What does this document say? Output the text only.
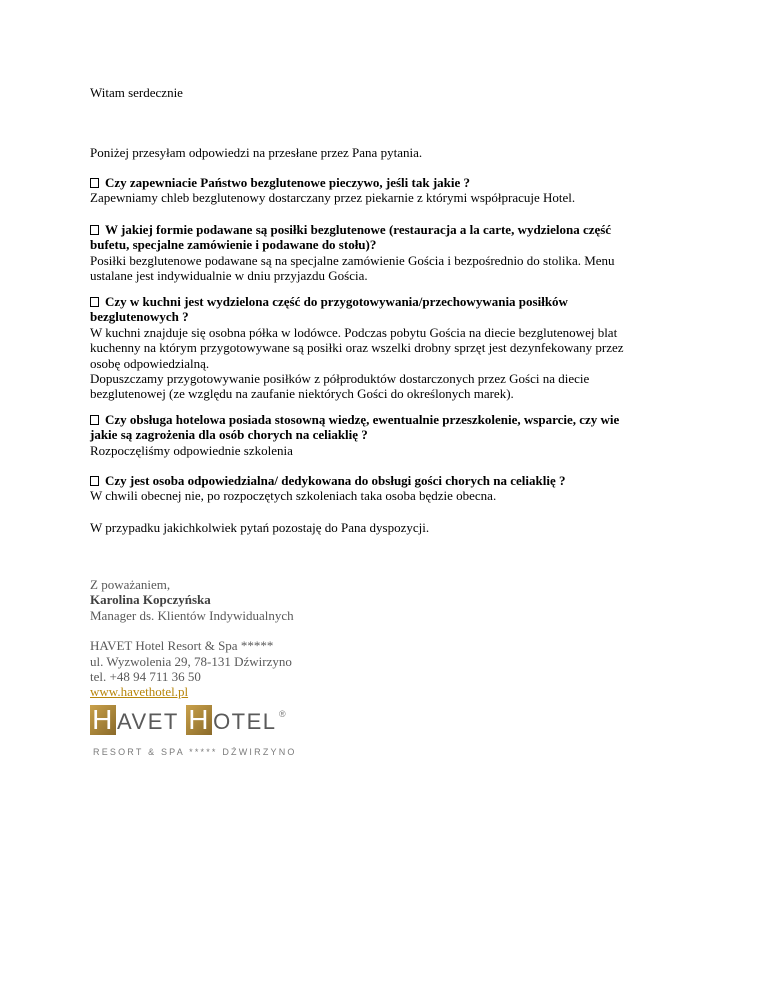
Witam serdecznie

Poniżej przesyłam odpowiedzi na przesłane przez Pana pytania.

Czy zapewniacie Państwo bezglutenowe pieczywo, jeśli tak jakie ?
Zapewniamy chleb bezglutenowy dostarczany przez piekarnie z którymi współpracuje Hotel.
W jakiej formie podawane są posiłki bezglutenowe (restauracja a la carte, wydzielona część
bufetu, specjalne zamówienie i podawane do stołu)?
Posiłki bezglutenowe podawane są na specjalne zamówienie Gościa i bezpośrednio do stolika. Menu
ustalane jest indywidualnie w dniu przyjazdu Gościa.
Czy w kuchni jest wydzielona część do przygotowywania/przechowywania posiłków
bezglutenowych ?
W kuchni znajduje się osobna półka w lodówce. Podczas pobytu Gościa na diecie bezglutenowej blat
kuchenny na którym przygotowywane są posiłki oraz wszelki drobny sprzęt jest dezynfekowany przez
osobę odpowiedzialną.
Dopuszczamy przygotowywanie posiłków z półproduktów dostarczonych przez Gości na diecie
bezglutenowej (ze względu na zaufanie niektórych Gości do określonych marek).
Czy obsługa hotelowa posiada stosowną wiedzę, ewentualnie przeszkolenie, wsparcie, czy wie
jakie są zagrożenia dla osób chorych na celiaklię ?
Rozpoczęliśmy odpowiednie szkolenia
Czy jest osoba odpowiedzialna/ dedykowana do obsługi gości chorych na celiaklię ?
W chwili obecnej nie, po rozpoczętych szkoleniach taka osoba będzie obecna.

W przypadku jakichkolwiek pytań pozostaję do Pana dyspozycji.

Z poważaniem,
Karolina Kopczyńska
Manager ds. Klientów Indywidualnych
HAVET Hotel Resort & Spa *****
ul. Wyzwolenia 29, 78-131 Dźwirzyno
tel. +48 94 711 36 50
www.havethotel.pl
H AVET H OTEL ®
RESORT & SPA ***** DŹWIRZYNO
